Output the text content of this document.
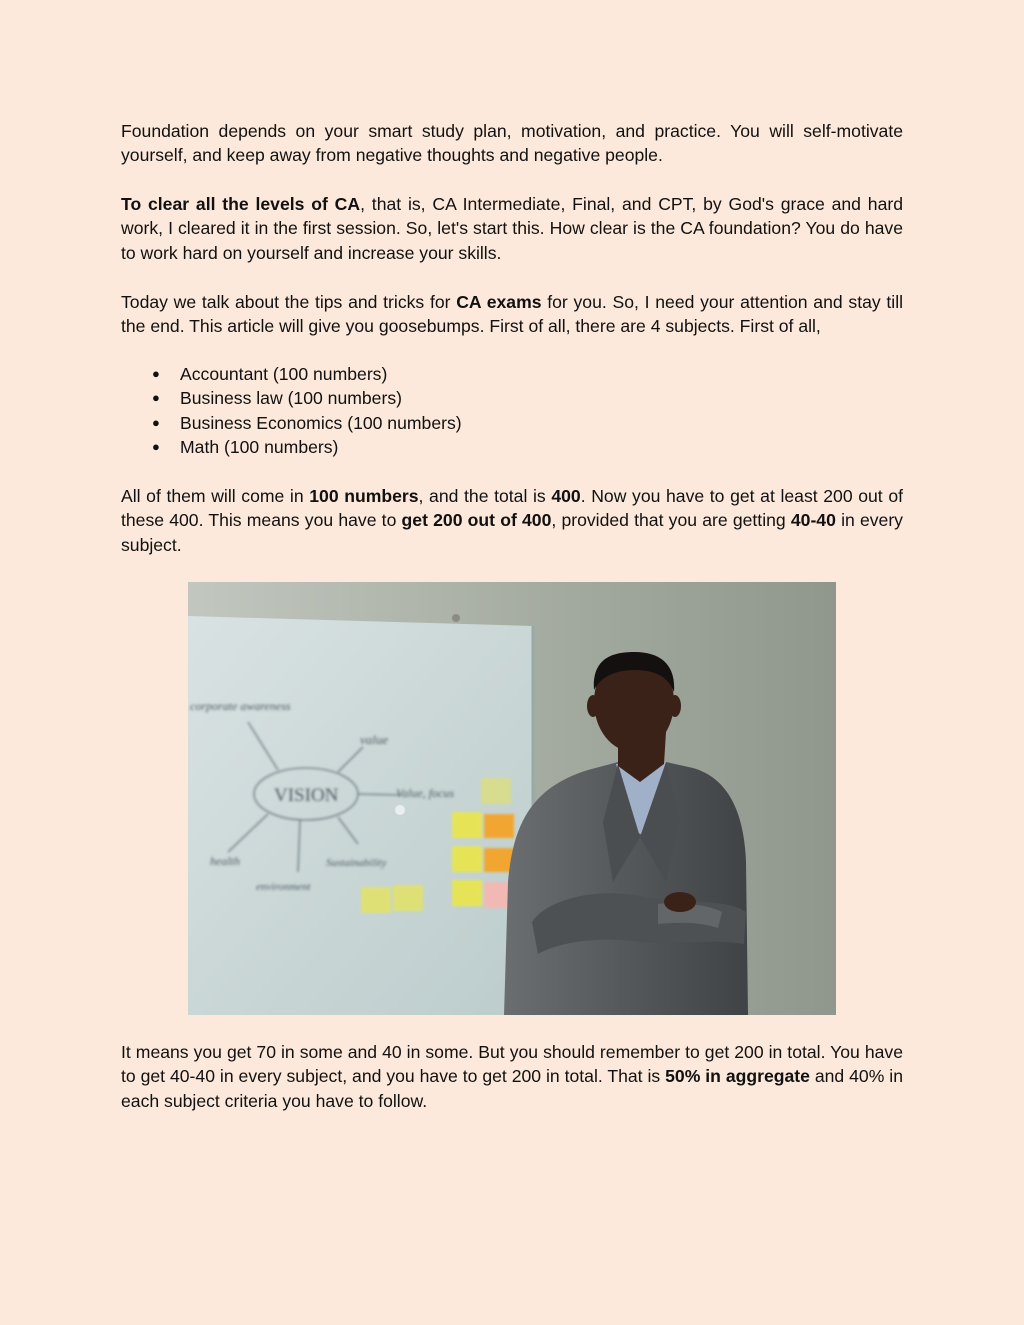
Foundation depends on your smart study plan, motivation, and practice. You will self-motivate yourself, and keep away from negative thoughts and negative people.

To clear all the levels of CA, that is, CA Intermediate, Final, and CPT, by God's grace and hard work, I cleared it in the first session. So, let's start this. How clear is the CA foundation? You do have to work hard on yourself and increase your skills.

Today we talk about the tips and tricks for CA exams for you. So, I need your attention and stay till the end. This article will give you goosebumps. First of all, there are 4 subjects. First of all,

● Accountant (100 numbers)
● Business law (100 numbers)
● Business Economics (100 numbers)
● Math (100 numbers)

All of them will come in 100 numbers, and the total is 400. Now you have to get at least 200 out of these 400. This means you have to get 200 out of 400, provided that you are getting 40-40 in every subject.

VISION
corporate awareness
value
Value, focus
health	Sustainability
environment

It means you get 70 in some and 40 in some. But you should remember to get 200 in total. You have to get 40-40 in every subject, and you have to get 200 in total. That is 50% in aggregate and 40% in each subject criteria you have to follow.
